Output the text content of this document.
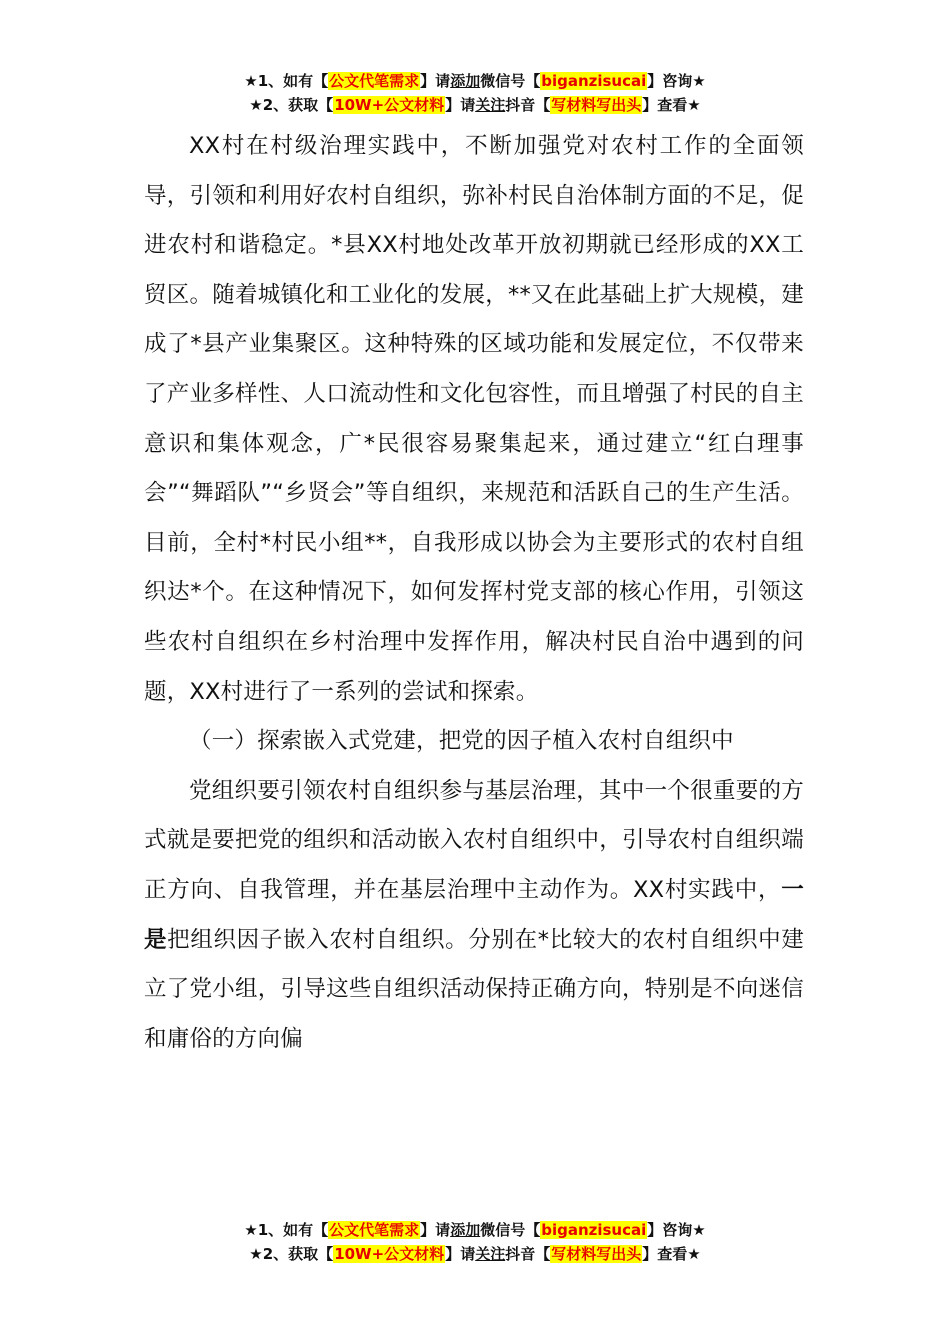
★1、如有【公文代笔需求】请添加微信号【biganzisucai】咨询★
★2、获取【10W+公文材料】请关注抖音【写材料写出头】查看★

XX村在村级治理实践中，不断加强党对农村工作的全面领导，引领和利用好农村自组织，弥补村民自治体制方面的不足，促进农村和谐稳定。*县XX村地处改革开放初期就已经形成的XX工贸区。随着城镇化和工业化的发展，**又在此基础上扩大规模，建成了*县产业集聚区。这种特殊的区域功能和发展定位，不仅带来了产业多样性、人口流动性和文化包容性，而且增强了村民的自主意识和集体观念，广*民很容易聚集起来，通过建立“红白理事会”“舞蹈队”“乡贤会”等自组织，来规范和活跃自己的生产生活。目前，全村*村民小组**，自我形成以协会为主要形式的农村自组织达*个。在这种情况下，如何发挥村党支部的核心作用，引领这些农村自组织在乡村治理中发挥作用，解决村民自治中遇到的问题，XX村进行了一系列的尝试和探索。

（一）探索嵌入式党建，把党的因子植入农村自组织中

党组织要引领农村自组织参与基层治理，其中一个很重要的方式就是要把党的组织和活动嵌入农村自组织中，引导农村自组织端正方向、自我管理，并在基层治理中主动作为。XX村实践中，一是把组织因子嵌入农村自组织。分别在*比较大的农村自组织中建立了党小组，引导这些自组织活动保持正确方向，特别是不向迷信和庸俗的方向偏

★1、如有【公文代笔需求】请添加微信号【biganzisucai】咨询★
★2、获取【10W+公文材料】请关注抖音【写材料写出头】查看★
